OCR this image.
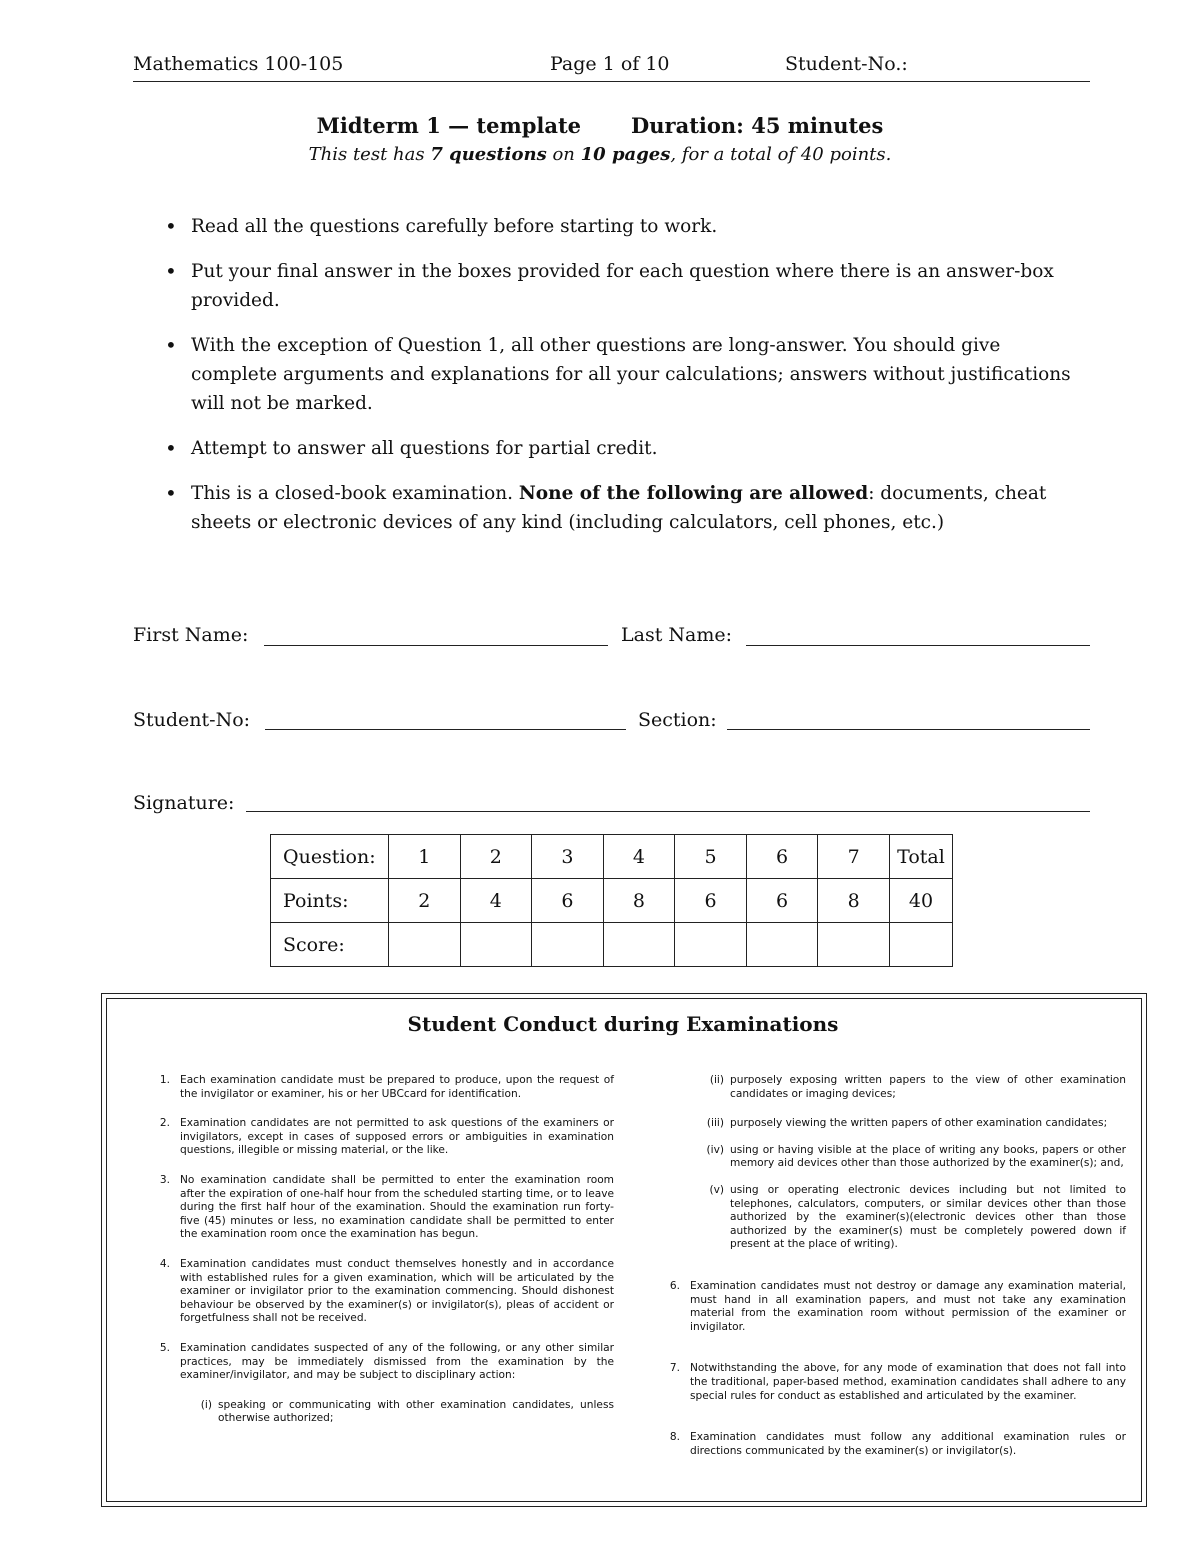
Mathematics 100-105	Page 1 of 10	Student-No.:
Midterm 1 — template Duration: 45 minutes
This test has 7 questions on 10 pages, for a total of 40 points.
• Read all the questions carefully before starting to work.
• Put your final answer in the boxes provided for each question where there is an answer-box provided.
• With the exception of Question 1, all other questions are long-answer. You should give complete arguments and explanations for all your calculations; answers without justifications will not be marked.
• Attempt to answer all questions for partial credit.
• This is a closed-book examination. None of the following are allowed: documents, cheat sheets or electronic devices of any kind (including calculators, cell phones, etc.)
First Name:	Last Name:
Student-No:	Section:
Signature:
Question:	1	2	3	4	5	6	7	Total
Points:	2	4	6	8	6	6	8	40
Score:								
Student Conduct during Examinations
1. Each examination candidate must be prepared to produce, upon the request of the invigilator or examiner, his or her UBCcard for identification.
2. Examination candidates are not permitted to ask questions of the examiners or invigilators, except in cases of supposed errors or ambiguities in examination questions, illegible or missing material, or the like.
3. No examination candidate shall be permitted to enter the examination room after the expiration of one-half hour from the scheduled starting time, or to leave during the first half hour of the examination. Should the examination run forty-five (45) minutes or less, no examination candidate shall be permitted to enter the examination room once the examination has begun.
4. Examination candidates must conduct themselves honestly and in accordance with established rules for a given examination, which will be articulated by the examiner or invigilator prior to the examination commencing. Should dishonest behaviour be observed by the examiner(s) or invigilator(s), pleas of accident or forgetfulness shall not be received.
5. Examination candidates suspected of any of the following, or any other similar practices, may be immediately dismissed from the examination by the examiner/invigilator, and may be subject to disciplinary action:
(i) speaking or communicating with other examination candidates, unless otherwise authorized;
(ii) purposely exposing written papers to the view of other examination candidates or imaging devices;
(iii) purposely viewing the written papers of other examination candidates;
(iv) using or having visible at the place of writing any books, papers or other memory aid devices other than those authorized by the examiner(s); and,
(v) using or operating electronic devices including but not limited to telephones, calculators, computers, or similar devices other than those authorized by the examiner(s)(electronic devices other than those authorized by the examiner(s) must be completely powered down if present at the place of writing).
6. Examination candidates must not destroy or damage any examination material, must hand in all examination papers, and must not take any examination material from the examination room without permission of the examiner or invigilator.
7. Notwithstanding the above, for any mode of examination that does not fall into the traditional, paper-based method, examination candidates shall adhere to any special rules for conduct as established and articulated by the examiner.
8. Examination candidates must follow any additional examination rules or directions communicated by the examiner(s) or invigilator(s).
